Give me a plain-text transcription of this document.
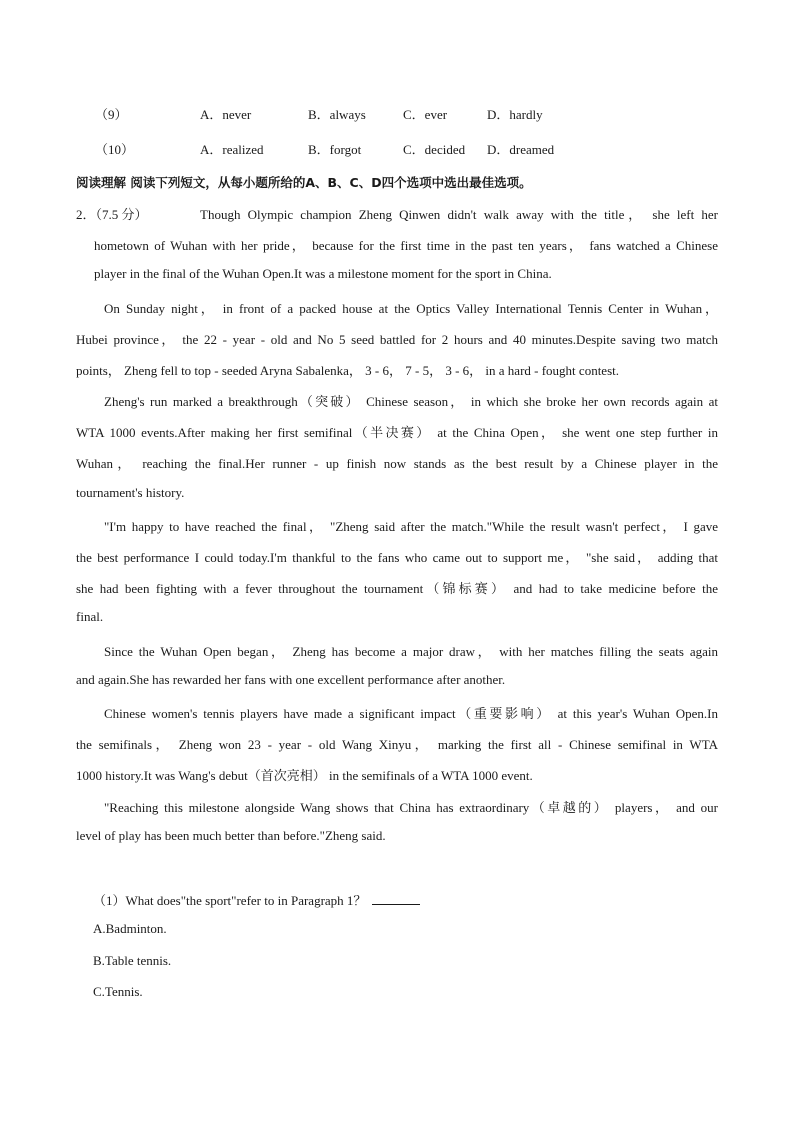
（9）	A．never	B．always	C．ever	D．hardly
（10）	A．realized	B．forgot	C．decided D．dreamed
阅读理解 阅读下列短文，从每小题所给的A、B、C、D四个选项中选出最佳选项。
2．（7.5 分）	Though Olympic champion Zheng Qinwen didn't walk away with the title， she left her
hometown of Wuhan with her pride， because for the first time in the past ten years， fans watched a Chinese
player in the final of the Wuhan Open.It was a milestone moment for the sport in China.
On Sunday night， in front of a packed house at the Optics Valley International Tennis Center in Wuhan，
Hubei province， the 22 - year - old and No 5 seed battled for 2 hours and 40 minutes.Despite saving two match
points， Zheng fell to top - seeded Aryna Sabalenka， 3 - 6， 7 - 5， 3 - 6， in a hard - fought contest.
Zheng's run marked a breakthrough（突破） Chinese season， in which she broke her own records again at
WTA 1000 events.After making her first semifinal（半决赛） at the China Open， she went one step further in
Wuhan， reaching the final.Her runner - up finish now stands as the best result by a Chinese player in the
tournament's history.
"I'm happy to have reached the final， "Zheng said after the match."While the result wasn't perfect， I gave
the best performance I could today.I'm thankful to the fans who came out to support me， "she said， adding that
she had been fighting with a fever throughout the tournament（锦标赛） and had to take medicine before the
final.
Since the Wuhan Open began， Zheng has become a major draw， with her matches filling the seats again
and again.She has rewarded her fans with one excellent performance after another.
Chinese women's tennis players have made a significant impact（重要影响） at this year's Wuhan Open.In
the semifinals， Zheng won 23 - year - old Wang Xinyu， marking the first all - Chinese semifinal in WTA
1000 history.It was Wang's debut（首次亮相） in the semifinals of a WTA 1000 event.
"Reaching this milestone alongside Wang shows that China has extraordinary（卓越的） players， and our
level of play has been much better than before."Zheng said.
（1）What does"the sport"refer to in Paragraph 1？
A.Badminton.
B.Table tennis.
C.Tennis.
